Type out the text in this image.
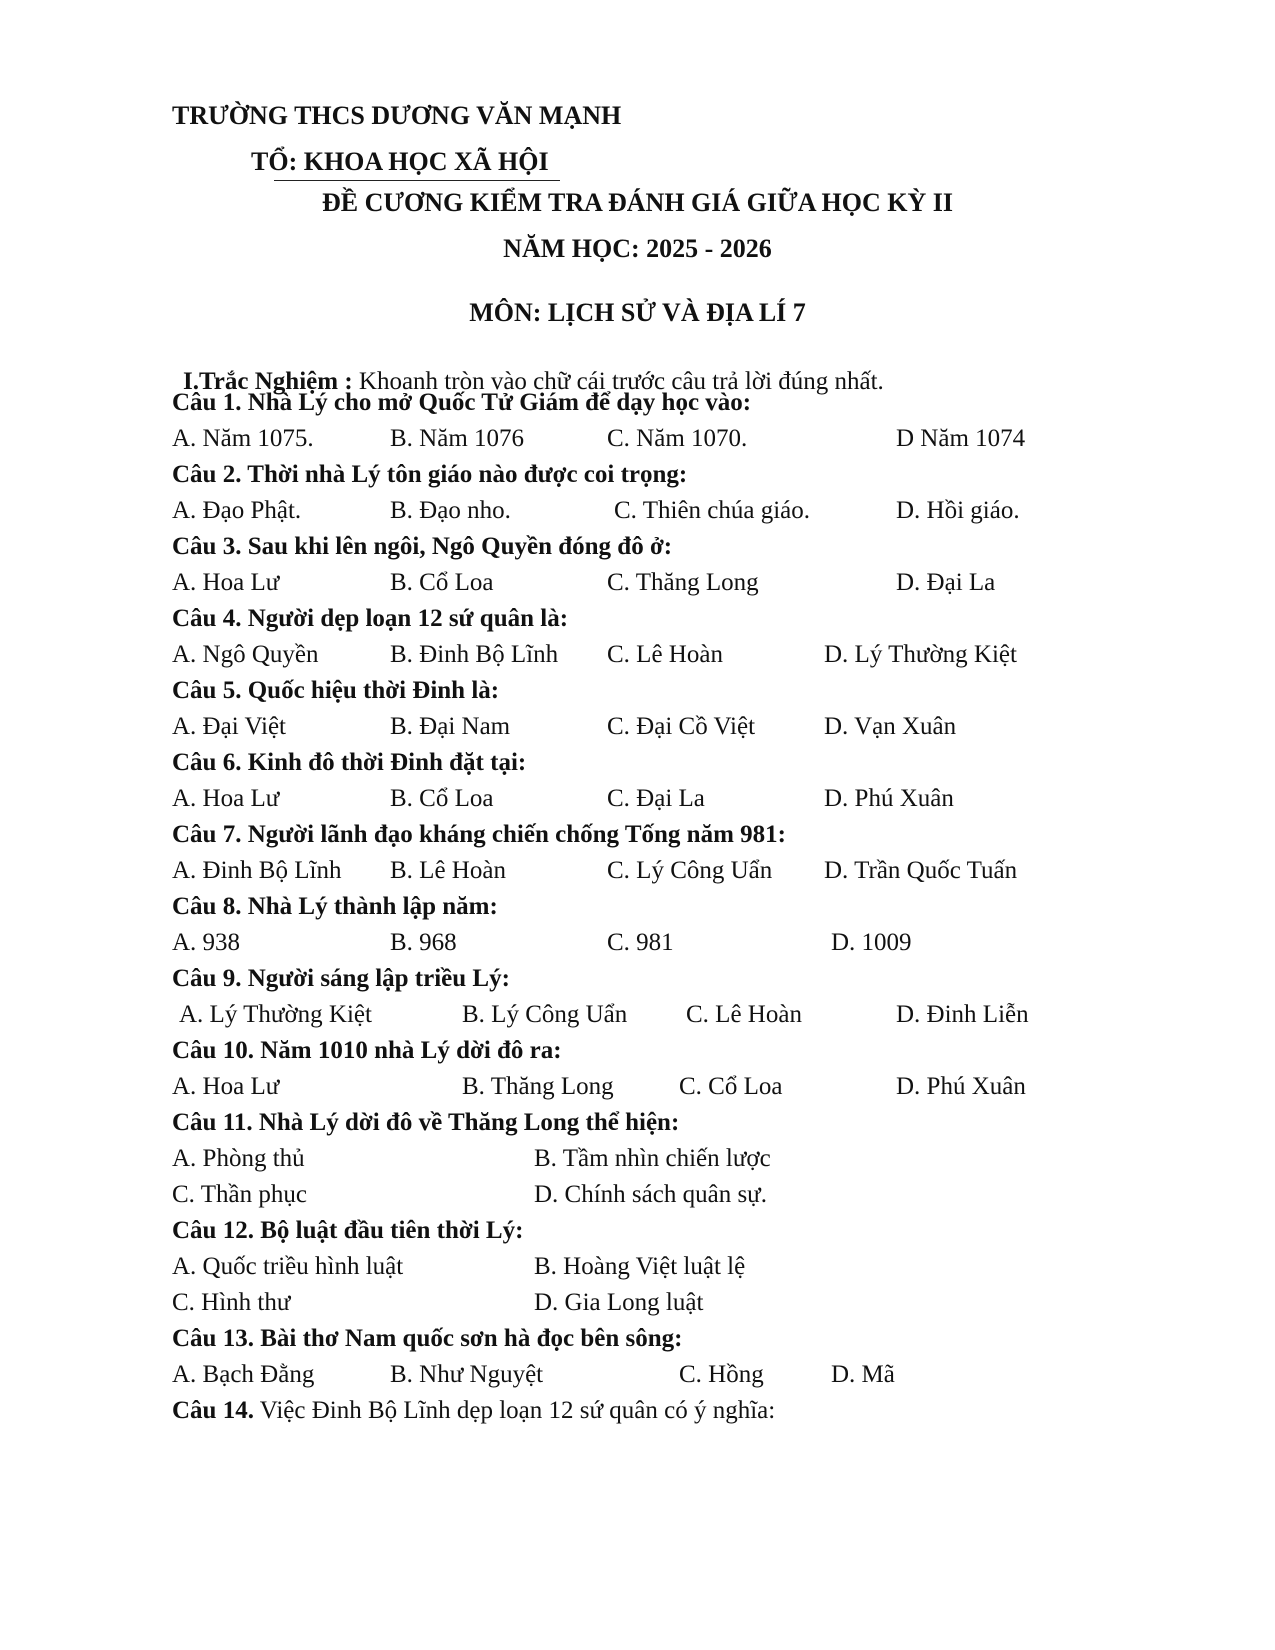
TRƯỜNG THCS DƯƠNG VĂN MẠNH
TỔ: KHOA HỌC XÃ HỘI
ĐỀ CƯƠNG KIỂM TRA ĐÁNH GIÁ GIỮA HỌC KỲ II
NĂM HỌC: 2025 - 2026
MÔN: LỊCH SỬ VÀ ĐỊA LÍ 7
I.Trắc Nghiệm : Khoanh tròn vào chữ cái trước câu trả lời đúng nhất.
Câu 1. Nhà Lý cho mở Quốc Tử Giám để dạy học vào:
A. Năm 1075.	B. Năm 1076	C. Năm 1070.	D Năm 1074
Câu 2. Thời nhà Lý tôn giáo nào được coi trọng:
A. Đạo Phật.	B. Đạo nho.	C. Thiên chúa giáo.	D. Hồi giáo.
Câu 3. Sau khi lên ngôi, Ngô Quyền đóng đô ở:
A. Hoa Lư	B. Cổ Loa	C. Thăng Long	D. Đại La
Câu 4. Người dẹp loạn 12 sứ quân là:
A. Ngô Quyền	B. Đinh Bộ Lĩnh C. Lê Hoàn	D. Lý Thường Kiệt
Câu 5. Quốc hiệu thời Đinh là:
A. Đại Việt	B. Đại Nam	C. Đại Cồ Việt	D. Vạn Xuân
Câu 6. Kinh đô thời Đinh đặt tại:
A. Hoa Lư	B. Cổ Loa	C. Đại La	D. Phú Xuân
Câu 7. Người lãnh đạo kháng chiến chống Tống năm 981:
A. Đinh Bộ Lĩnh B. Lê Hoàn	C. Lý Công Uẩn D. Trần Quốc Tuấn
Câu 8. Nhà Lý thành lập năm:
A. 938	B. 968	C. 981	D. 1009
Câu 9. Người sáng lập triều Lý:
A. Lý Thường Kiệt	B. Lý Công Uẩn C. Lê Hoàn	D. Đinh Liễn
Câu 10. Năm 1010 nhà Lý dời đô ra:
A. Hoa Lư	B. Thăng Long	C. Cổ Loa	D. Phú Xuân
Câu 11. Nhà Lý dời đô về Thăng Long thể hiện:
A. Phòng thủ	B. Tầm nhìn chiến lược
C. Thần phục	D. Chính sách quân sự.
Câu 12. Bộ luật đầu tiên thời Lý:
A. Quốc triều hình luật	B. Hoàng Việt luật lệ
C. Hình thư	D. Gia Long luật
Câu 13. Bài thơ Nam quốc sơn hà đọc bên sông:
A. Bạch Đằng	B. Như Nguyệt	C. Hồng	D. Mã
Câu 14. Việc Đinh Bộ Lĩnh dẹp loạn 12 sứ quân có ý nghĩa:
